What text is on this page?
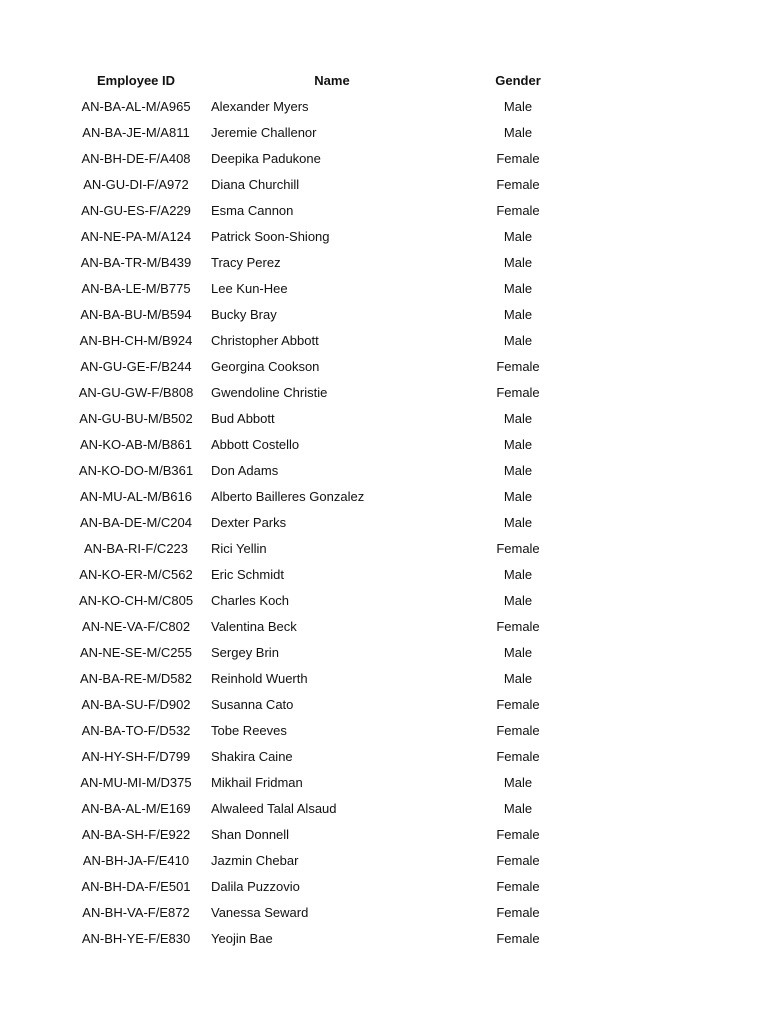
Employee ID	Name	Gender
AN-BA-AL-M/A965	Alexander Myers	Male
AN-BA-JE-M/A811	Jeremie Challenor	Male
AN-BH-DE-F/A408	Deepika Padukone	Female
AN-GU-DI-F/A972	Diana Churchill	Female
AN-GU-ES-F/A229	Esma Cannon	Female
AN-NE-PA-M/A124	Patrick Soon-Shiong	Male
AN-BA-TR-M/B439	Tracy Perez	Male
AN-BA-LE-M/B775	Lee Kun-Hee	Male
AN-BA-BU-M/B594	Bucky Bray	Male
AN-BH-CH-M/B924	Christopher Abbott	Male
AN-GU-GE-F/B244	Georgina Cookson	Female
AN-GU-GW-F/B808	Gwendoline Christie	Female
AN-GU-BU-M/B502	Bud Abbott	Male
AN-KO-AB-M/B861	Abbott Costello	Male
AN-KO-DO-M/B361	Don Adams	Male
AN-MU-AL-M/B616	Alberto Bailleres Gonzalez	Male
AN-BA-DE-M/C204	Dexter Parks	Male
AN-BA-RI-F/C223	Rici Yellin	Female
AN-KO-ER-M/C562	Eric Schmidt	Male
AN-KO-CH-M/C805	Charles Koch	Male
AN-NE-VA-F/C802	Valentina Beck	Female
AN-NE-SE-M/C255	Sergey Brin	Male
AN-BA-RE-M/D582	Reinhold Wuerth	Male
AN-BA-SU-F/D902	Susanna Cato	Female
AN-BA-TO-F/D532	Tobe Reeves	Female
AN-HY-SH-F/D799	Shakira Caine	Female
AN-MU-MI-M/D375	Mikhail Fridman	Male
AN-BA-AL-M/E169	Alwaleed Talal Alsaud	Male
AN-BA-SH-F/E922	Shan Donnell	Female
AN-BH-JA-F/E410	Jazmin Chebar	Female
AN-BH-DA-F/E501	Dalila Puzzovio	Female
AN-BH-VA-F/E872	Vanessa Seward	Female
AN-BH-YE-F/E830	Yeojin Bae	Female
